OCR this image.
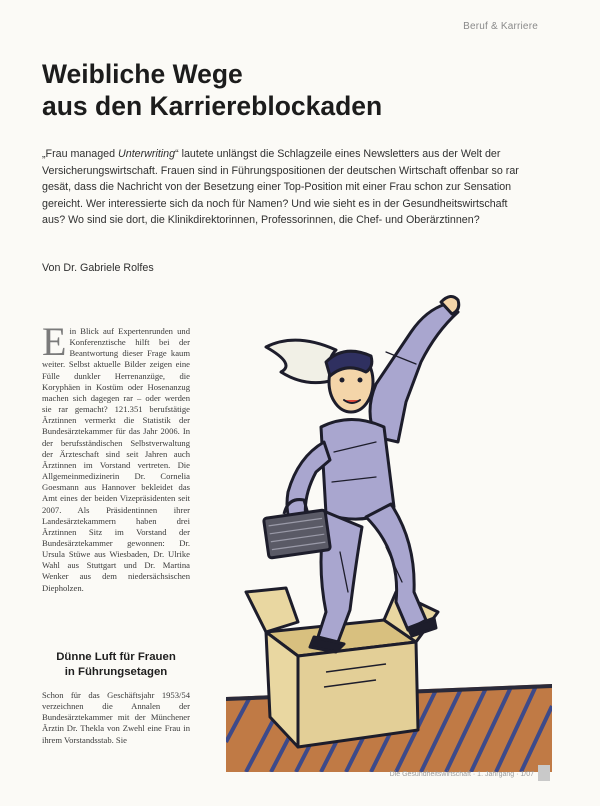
Beruf & Karriere
Weibliche Wege
aus den Karriereblockaden

„Frau managed Unterwriting“ lautete unlängst die Schlagzeile eines Newsletters aus der Welt der Versicherungswirtschaft. Frauen sind in Führungspositionen der deutschen Wirtschaft offenbar so rar gesät, dass die Nachricht von der Besetzung einer Top-Position mit einer Frau schon zur Sensation gereicht. Wer interessierte sich da noch für Namen? Und wie sieht es in der Gesundheitswirtschaft aus? Wo sind sie dort, die Klinikdirektorinnen, Professorinnen, die Chef- und Oberärztinnen?

Von Dr. Gabriele Rolfes

Ein Blick auf Expertenrunden und Konferenztische hilft bei der Beantwortung dieser Frage kaum weiter. Selbst aktuelle Bilder zeigen eine Fülle dunkler Herrenanzüge, die Koryphäen in Kostüm oder Hosenanzug machen sich dagegen rar – oder werden sie rar gemacht? 121.351 berufstätige Ärztinnen vermerkt die Statistik der Bundesärztekammer für das Jahr 2006. In der berufsständischen Selbstverwaltung der Ärzteschaft sind seit Jahren auch Ärztinnen im Vorstand vertreten. Die Allgemeinmedizinerin Dr. Cornelia Goesmann aus Hannover bekleidet das Amt eines der beiden Vizepräsidenten seit 2007. Als Präsidentinnen ihrer Landesärztekammern haben drei Ärztinnen Sitz im Vorstand der Bundesärztekammer gewonnen: Dr. Ursula Stüwe aus Wiesbaden, Dr. Ulrike Wahl aus Stuttgart und Dr. Martina Wenker aus dem niedersächsischen Diepholzen.

Dünne Luft für Frauen
in Führungsetagen

Schon für das Geschäftsjahr 1953/54 verzeichnen die Annalen der Bundesärztekammer mit der Münchener Ärztin Dr. Thekla von Zwehl eine Frau in ihrem Vorstandsstab. Sie

Die Gesundheitswirtschaft · 1. Jahrgang · 1/07
